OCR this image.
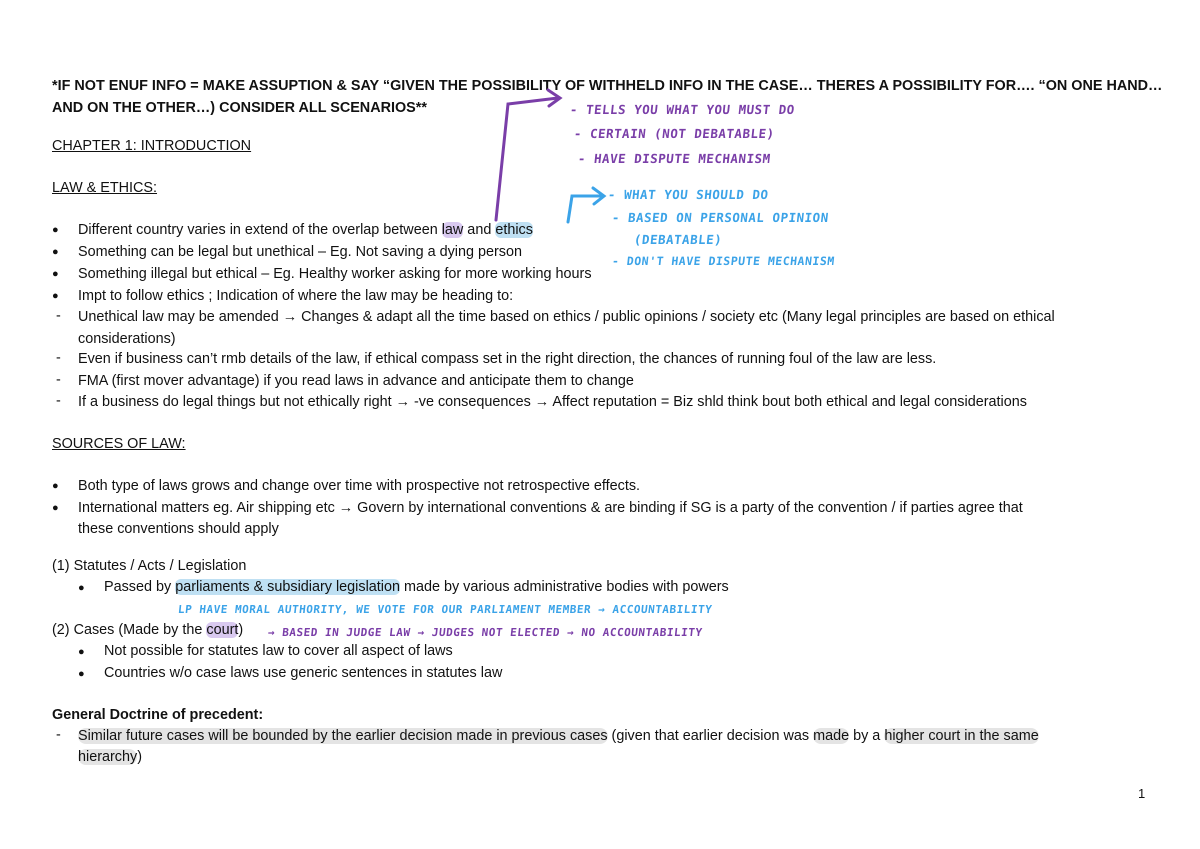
*IF NOT ENUF INFO = MAKE ASSUPTION & SAY “GIVEN THE POSSIBILITY OF WITHHELD INFO IN THE CASE… THERES A POSSIBILITY FOR…. “ON ONE HAND…
AND ON THE OTHER…) CONSIDER ALL SCENARIOS**
CHAPTER 1: INTRODUCTION
LAW & ETHICS:
● Different country varies in extend of the overlap between law and ethics
● Something can be legal but unethical – Eg. Not saving a dying person
● Something illegal but ethical – Eg. Healthy worker asking for more working hours
● Impt to follow ethics ; Indication of where the law may be heading to:
- Unethical law may be amended → Changes & adapt all the time based on ethics / public opinions / society etc (Many legal principles are based on ethical
considerations)
- Even if business can’t rmb details of the law, if ethical compass set in the right direction, the chances of running foul of the law are less.
- FMA (first mover advantage) if you read laws in advance and anticipate them to change
- If a business do legal things but not ethically right → -ve consequences → Affect reputation = Biz shld think bout both ethical and legal considerations
SOURCES OF LAW:
● Both type of laws grows and change over time with prospective not retrospective effects.
● International matters eg. Air shipping etc → Govern by international conventions & are binding if SG is a party of the convention / if parties agree that
these conventions should apply
(1) Statutes / Acts / Legislation
● Passed by parliaments & subsidiary legislation made by various administrative bodies with powers
(2) Cases (Made by the court)
● Not possible for statutes law to cover all aspect of laws
● Countries w/o case laws use generic sentences in statutes law
General Doctrine of precedent:
- Similar future cases will be bounded by the earlier decision made in previous cases (given that earlier decision was made by a higher court in the same
hierarchy)
- TELLS YOU WHAT YOU MUST DO
- CERTAIN (NOT DEBATABLE)
- HAVE DISPUTE MECHANISM
- WHAT YOU SHOULD DO
- BASED ON PERSONAL OPINION
(DEBATABLE)
- DON'T HAVE DISPUTE MECHANISM
LP HAVE MORAL AUTHORITY, WE VOTE FOR OUR PARLIAMENT MEMBER → ACCOUNTABILITY
→ BASED IN JUDGE LAW → JUDGES NOT ELECTED → NO ACCOUNTABILITY
1
